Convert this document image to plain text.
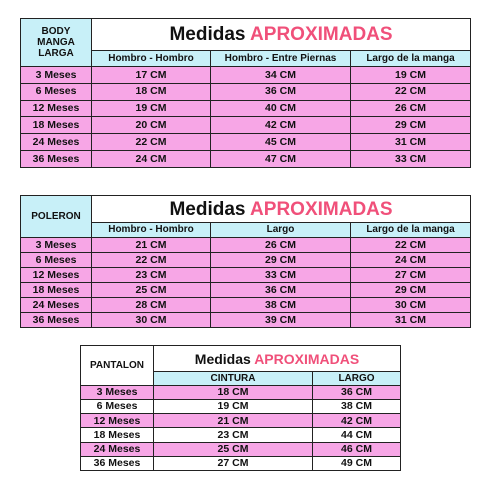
BODY
MANGA
LARGA	Medidas APROXIMADAS		
	Hombro - Hombro	Hombro - Entre Piernas	Largo de la manga
3 Meses	17 CM	34 CM	19 CM
6 Meses	18 CM	36 CM	22 CM
12 Meses	19 CM	40 CM	26 CM
18 Meses	20 CM	42 CM	29 CM
24 Meses	22 CM	45 CM	31 CM
36 Meses	24 CM	47 CM	33 CM
POLERON	Medidas APROXIMADAS		
	Hombro - Hombro	Largo	Largo de la manga
3 Meses	21 CM	26 CM	22 CM
6 Meses	22 CM	29 CM	24 CM
12 Meses	23 CM	33 CM	27 CM
18 Meses	25 CM	36 CM	29 CM
24 Meses	28 CM	38 CM	30 CM
36 Meses	30 CM	39 CM	31 CM
PANTALON	Medidas APROXIMADAS	
	CINTURA	LARGO
3 Meses	18 CM	36 CM
6 Meses	19 CM	38 CM
12 Meses	21 CM	42 CM
18 Meses	23 CM	44 CM
24 Meses	25 CM	46 CM
36 Meses	27 CM	49 CM
